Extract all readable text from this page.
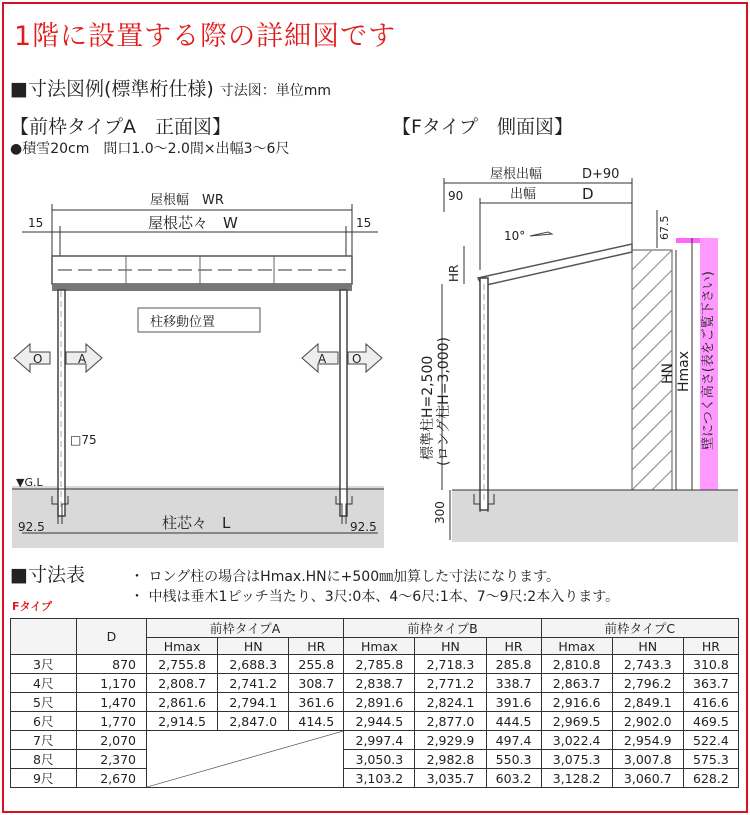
1階に設置する際の詳細図です
■寸法図例(標準桁仕様) 寸法図：単位mm
【前枠タイプA　正面図】	【Fタイプ　側面図】
●積雪20cm　間口1.0〜2.0間×出幅3〜6尺
屋根幅　WR
屋根芯々　W
15	15
柱移動位置
O	A	A O
□75
▼G.L
92.5	92.5
柱芯々　L
壁につく高さ(表をご覧下さい)
屋根出幅	D+90
出幅	D
90
10°	67.5
HR
標準柱H=2,500 (ロング柱H=3,000)	HN Hmax
300
■寸法表	・ ロング柱の場合はHmax.HNに+500㎜加算した寸法になります。
・ 中桟は垂木1ピッチ当たり、3尺:0本、4〜6尺:1本、7〜9尺:2本入ります。
Fタイプ
	D	前枠タイプA			前枠タイプB			前枠タイプC		
		Hmax	HN	HR	Hmax	HN	HR	Hmax	HN	HR
3尺	870	2,755.8	2,688.3	255.8	2,785.8	2,718.3	285.8	2,810.8	2,743.3	310.8
4尺	1,170	2,808.7	2,741.2	308.7	2,838.7	2,771.2	338.7	2,863.7	2,796.2	363.7
5尺	1,470	2,861.6	2,794.1	361.6	2,891.6	2,824.1	391.6	2,916.6	2,849.1	416.6
6尺	1,770	2,914.5	2,847.0	414.5	2,944.5	2,877.0	444.5	2,969.5	2,902.0	469.5
7尺	2,070				2,997.4	2,929.9	497.4	3,022.4	2,954.9	522.4
8尺	2,370				3,050.3	2,982.8	550.3	3,075.3	3,007.8	575.3
9尺	2,670				3,103.2	3,035.7	603.2	3,128.2	3,060.7	628.2
